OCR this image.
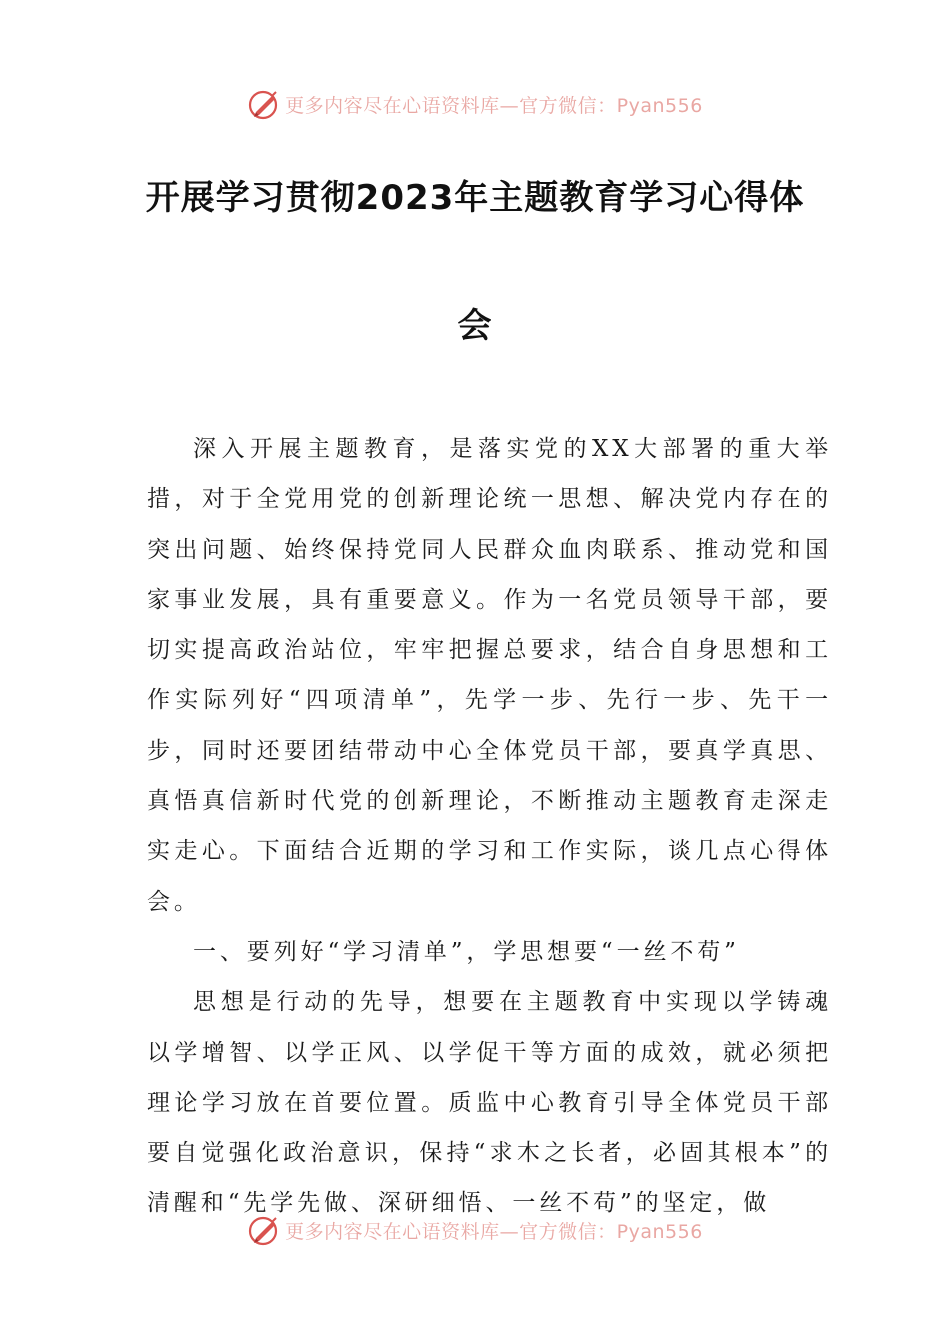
更多内容尽在心语资料库—官方微信：Pyan556
开展学习贯彻2023年主题教育学习心得体
会

深入开展主题教育，是落实党的XX大部署的重大举措，对于全党用党的创新理论统一思想、解决党内存在的突出问题、始终保持党同人民群众血肉联系、推动党和国家事业发展，具有重要意义。作为一名党员领导干部，要切实提高政治站位，牢牢把握总要求，结合自身思想和工作实际列好“四项清单”，先学一步、先行一步、先干一步，同时还要团结带动中心全体党员干部，要真学真思、真悟真信新时代党的创新理论，不断推动主题教育走深走实走心。下面结合近期的学习和工作实际，谈几点心得体会。

一、要列好“学习清单”，学思想要“一丝不苟”

思想是行动的先导，想要在主题教育中实现以学铸魂以学增智、以学正风、以学促干等方面的成效，就必须把理论学习放在首要位置。质监中心教育引导全体党员干部要自觉强化政治意识，保持“求木之长者，必固其根本”的清醒和“先学先做、深研细悟、一丝不苟”的坚定，做

更多内容尽在心语资料库—官方微信：Pyan556
